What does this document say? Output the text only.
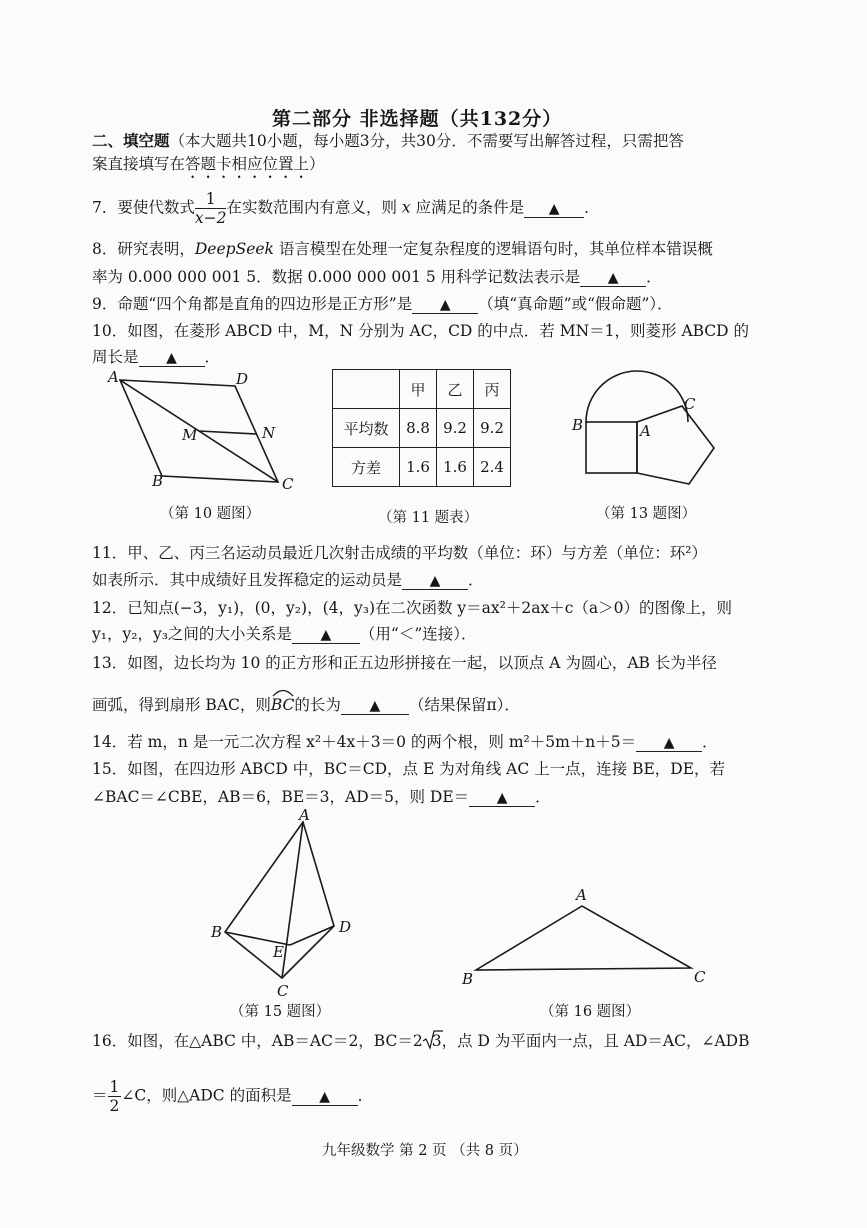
第二部分 非选择题（共132分）
二、填空题（本大题共10小题，每小题3分，共30分．不需要写出解答过程，只需把答
案直接填写在答题卡相应位置上）
7．要使代数式 $\frac{1}{x-2}$ 在实数范围内有意义，则 x 应满足的条件是 ▲ ．
8．研究表明，DeepSeek 语言模型在处理一定复杂程度的逻辑语句时，其单位样本错误概
率为 0.000 000 001 5．数据 0.000 000 001 5 用科学记数法表示是 ▲ ．
9．命题“四个角都是直角的四边形是正方形”是 ▲ （填“真命题”或“假命题”）．
10．如图，在菱形 ABCD 中，M，N 分别为 AC，CD 的中点．若 MN＝1，则菱形 ABCD 的
周长是 ▲ ．
A	D
M	N
B	C
（第 10 题图）
	甲	乙	丙
平均数	8.8	9.2	9.2
方差	1.6	1.6	2.4
（第 11 题表）
B	A
C
（第 13 题图）
11．甲、乙、丙三名运动员最近几次射击成绩的平均数（单位：环）与方差（单位：环²）
如表所示．其中成绩好且发挥稳定的运动员是 ▲ ．
12．已知点(−3，y₁)，(0，y₂)，(4，y₃)在二次函数 y＝ax²＋2ax＋c（a＞0）的图像上，则
y₁，y₂，y₃之间的大小关系是 ▲ （用“＜”连接）．
13．如图，边长均为 10 的正方形和正五边形拼接在一起，以顶点 A 为圆心，AB 长为半径
画弧，得到扇形 BAC，则
BC的长为 ▲ （结果保留π）．
14．若 m，n 是一元二次方程 x²＋4x＋3＝0 的两个根，则 m²＋5m＋n＋5＝ ▲ ．
15．如图，在四边形 ABCD 中，BC＝CD，点 E 为对角线 AC 上一点，连接 BE，DE，若
∠BAC＝∠CBE，AB＝6，BE＝3，AD＝5，则 DE＝ ▲ ．
A
B	D
E
C
（第 15 题图）
A
B	C
（第 16 题图）
16．如图，在△ABC 中，AB＝AC＝2，BC＝2 3，点 D 为平面内一点，且 AD＝AC，∠ADB
＝ $\frac{1}{2}$ ∠C，则△ADC 的面积是 ▲ ．
九年级数学 第 2 页 （共 8 页）
